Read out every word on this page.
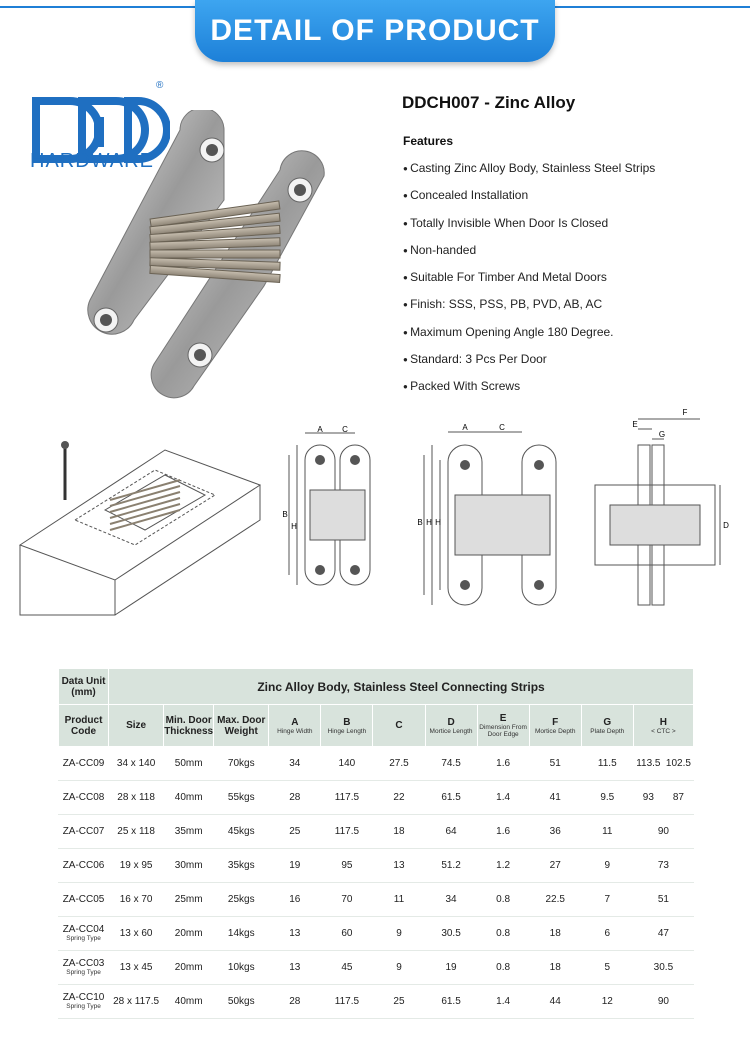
DETAIL OF PRODUCT
®
HARDWARE
DDCH007 - Zinc Alloy
Features
● Casting Zinc Alloy Body, Stainless Steel Strips
● Concealed Installation
● Totally Invisible When Door Is Closed
● Non-handed
● Suitable For Timber And Metal Doors
● Finish: SSS, PSS, PB, PVD, AB, AC
● Maximum Opening Angle 180 Degree.
● Standard: 3 Pcs Per Door
● Packed With Screws
A C
B
H
A	C
B H H
F
E
G
D
Data Unit
(mm)	Zinc Alloy Body, Stainless Steel Connecting Strips											
Product Code	Size	Min. Door Thickness	Max. Door Weight	A
Hinge Width	B
Hinge Length	C	D
Mortice Length	E
Dimension From Door Edge	F
Mortice Depth	G
Plate Depth	H
< CTC >	

ZA-CC09	34 x 140	50mm	70kgs	34	140	27.5	74.5	1.6	51	11.5	113.5	102.5
ZA-CC08	28 x 118	40mm	55kgs	28	117.5	22	61.5	1.4	41	9.5	93	87
ZA-CC07	25 x 118	35mm	45kgs	25	117.5	18	64	1.6	36	11	90	
ZA-CC06	19 x 95	30mm	35kgs	19	95	13	51.2	1.2	27	9	73	
ZA-CC05	16 x 70	25mm	25kgs	16	70	11	34	0.8	22.5	7	51	
ZA-CC04
Spring Type	13 x 60	20mm	14kgs	13	60	9	30.5	0.8	18	6	47	
ZA-CC03
Spring Type	13 x 45	20mm	10kgs	13	45	9	19	0.8	18	5	30.5	
ZA-CC10
Spring Type	28 x 117.5	40mm	50kgs	28	117.5	25	61.5	1.4	44	12	90	
